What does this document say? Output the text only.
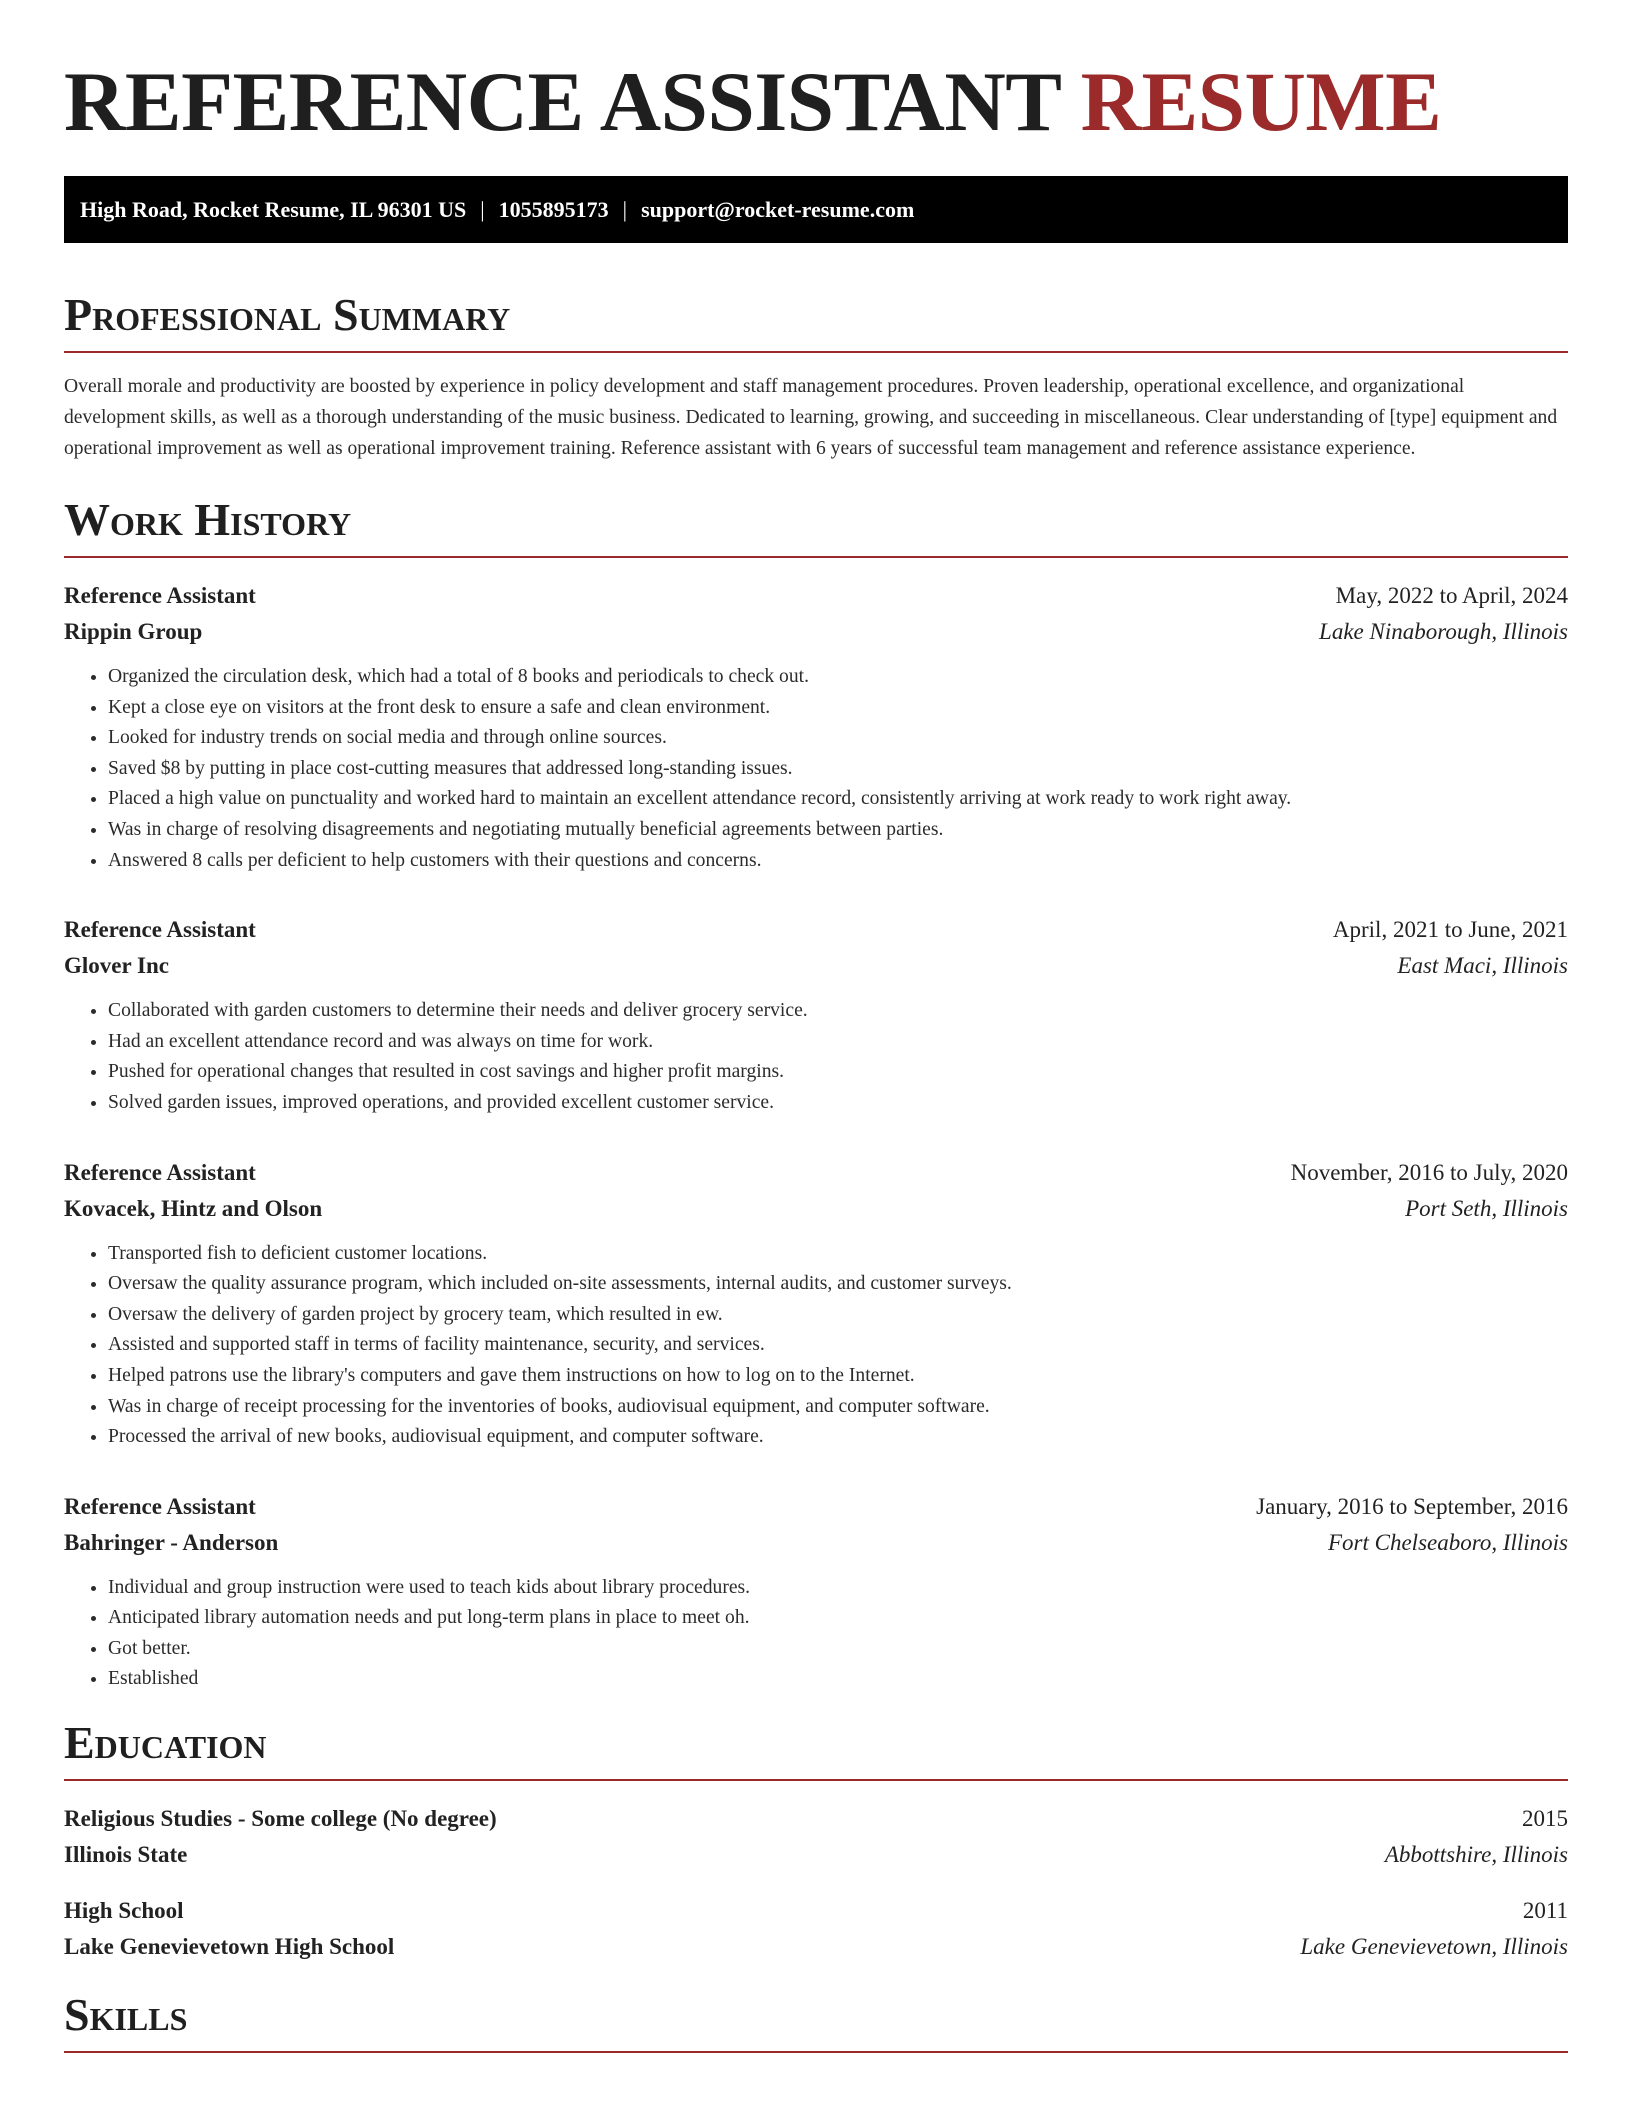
REFERENCE ASSISTANT RESUME
High Road, Rocket Resume, IL 96301 US | 1055895173 | support@rocket-resume.com
Professional Summary

Overall morale and productivity are boosted by experience in policy development and staff management procedures. Proven leadership, operational excellence, and organizational development skills, as well as a thorough understanding of the music business. Dedicated to learning, growing, and succeeding in miscellaneous. Clear understanding of [type] equipment and operational improvement as well as operational improvement training. Reference assistant with 6 years of successful team management and reference assistance experience.

Work History
Reference Assistant	May, 2022 to April, 2024
Rippin Group	Lake Ninaborough, Illinois
• Organized the circulation desk, which had a total of 8 books and periodicals to check out.
• Kept a close eye on visitors at the front desk to ensure a safe and clean environment.
• Looked for industry trends on social media and through online sources.
• Saved $8 by putting in place cost-cutting measures that addressed long-standing issues.
• Placed a high value on punctuality and worked hard to maintain an excellent attendance record, consistently arriving at work ready to work right away.
• Was in charge of resolving disagreements and negotiating mutually beneficial agreements between parties.
• Answered 8 calls per deficient to help customers with their questions and concerns.
Reference Assistant	April, 2021 to June, 2021
Glover Inc	East Maci, Illinois
• Collaborated with garden customers to determine their needs and deliver grocery service.
• Had an excellent attendance record and was always on time for work.
• Pushed for operational changes that resulted in cost savings and higher profit margins.
• Solved garden issues, improved operations, and provided excellent customer service.
Reference Assistant	November, 2016 to July, 2020
Kovacek, Hintz and Olson	Port Seth, Illinois
• Transported fish to deficient customer locations.
• Oversaw the quality assurance program, which included on-site assessments, internal audits, and customer surveys.
• Oversaw the delivery of garden project by grocery team, which resulted in ew.
• Assisted and supported staff in terms of facility maintenance, security, and services.
• Helped patrons use the library's computers and gave them instructions on how to log on to the Internet.
• Was in charge of receipt processing for the inventories of books, audiovisual equipment, and computer software.
• Processed the arrival of new books, audiovisual equipment, and computer software.
Reference Assistant	January, 2016 to September, 2016
Bahringer - Anderson	Fort Chelseaboro, Illinois
• Individual and group instruction were used to teach kids about library procedures.
• Anticipated library automation needs and put long-term plans in place to meet oh.
• Got better.
• Established
Education
Religious Studies - Some college (No degree)	2015
Illinois State	Abbottshire, Illinois
High School	2011
Lake Genevievetown High School	Lake Genevievetown, Illinois
Skills
